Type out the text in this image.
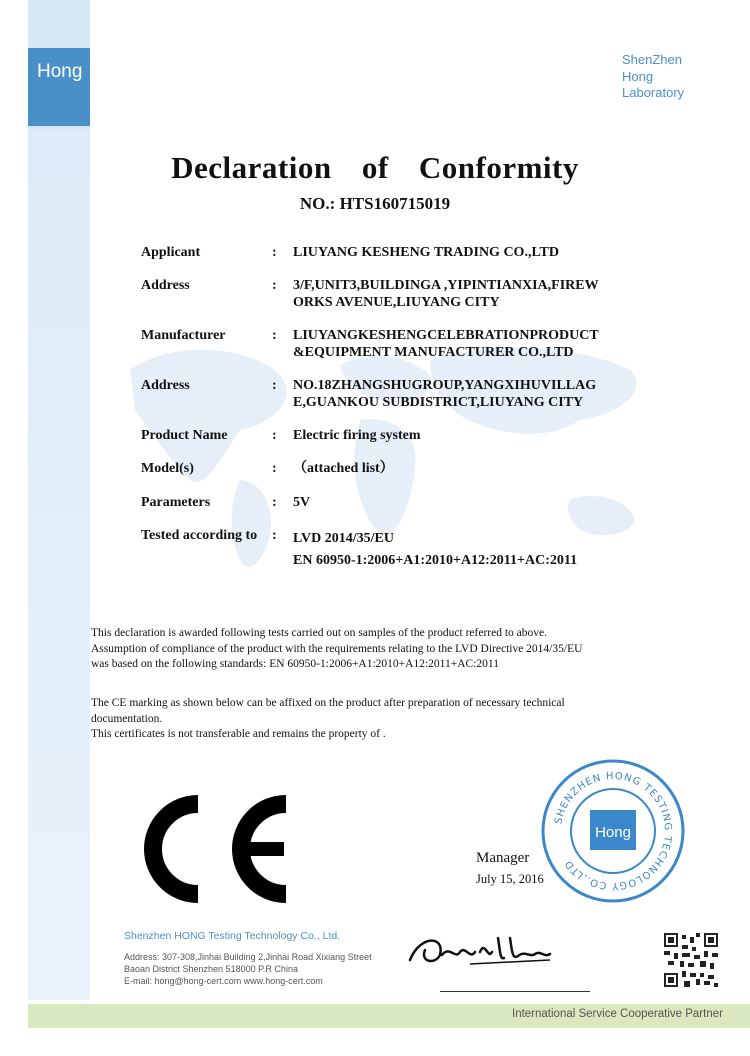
Hong
ShenZhen
Hong
Laboratory
Declaration of Conformity
NO.: HTS160715019
Applicant	: LIUYANG KESHENG TRADING CO.,LTD
Address	: 3/F,UNIT3,BUILDINGA ,YIPINTIANXIA,FIREW
ORKS AVENUE,LIUYANG CITY
Manufacturer	: LIUYANGKESHENGCELEBRATIONPRODUCT
&EQUIPMENT MANUFACTURER CO.,LTD
Address	: NO.18ZHANGSHUGROUP,YANGXIHUVILLAG
E,GUANKOU SUBDISTRICT,LIUYANG CITY
Product Name	: Electric firing system
Model(s)	: （attached list）
Parameters	: 5V
Tested according to : LVD 2014/35/EU
EN 60950-1:2006+A1:2010+A12:2011+AC:2011
This declaration is awarded following tests carried out on samples of the product referred to above.
Assumption of compliance of the product with the requirements relating to the LVD Directive 2014/35/EU
was based on the following standards: EN 60950-1:2006+A1:2010+A12:2011+AC:2011
The CE marking as shown below can be affixed on the product after preparation of necessary technical
documentation.
This certificates is not transferable and remains the property of .
SHENZHEN HONG TESTING TECHNOLOGY CO.,LTD
Hong
Manager
July 15, 2016
Shenzhen HONG Testing Technology Co., Ltd.
Address: 307-308,Jinhai Building 2,Jinhai Road Xixiang Street
Baoan District Shenzhen 518000 P.R China
E-mail: hong@hong-cert.com www.hong-cert.com
International Service Cooperative Partner
